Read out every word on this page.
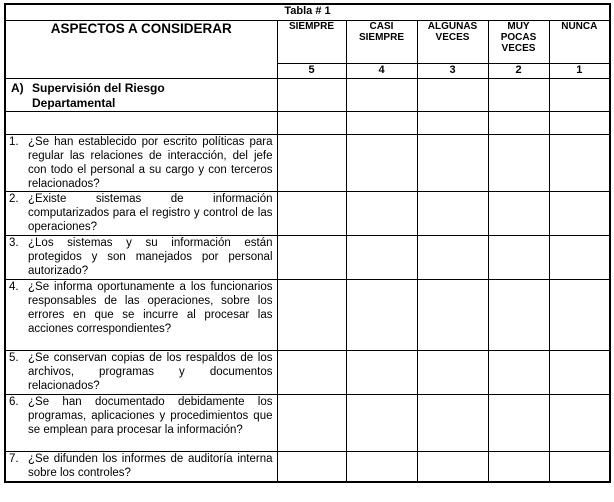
Tabla # 1					
ASPECTOS A CONSIDERAR	SIEMPRE	CASI SIEMPRE	ALGUNAS VECES	MUY POCAS VECES	NUNCA
	5	4	3	2	1

A) Supervisión del Riesgo Departamental					

1. ¿Se han establecido por escrito políticas para regular las relaciones de interacción, del jefe con todo el personal a su cargo y con terceros relacionados?					

2. ¿Existe sistemas de información computarizados para el registro y control de las operaciones?					

3. ¿Los sistemas y su información están protegidos y son manejados por personal autorizado?					

4. ¿Se informa oportunamente a los funcionarios responsables de las operaciones, sobre los errores en que se incurre al procesar las acciones correspondientes?					

5. ¿Se conservan copias de los respaldos de los archivos, programas y documentos relacionados?					

6. ¿Se han documentado debidamente los programas, aplicaciones y procedimientos que se emplean para procesar la información?					

7. ¿Se difunden los informes de auditoría interna sobre los controles?					
